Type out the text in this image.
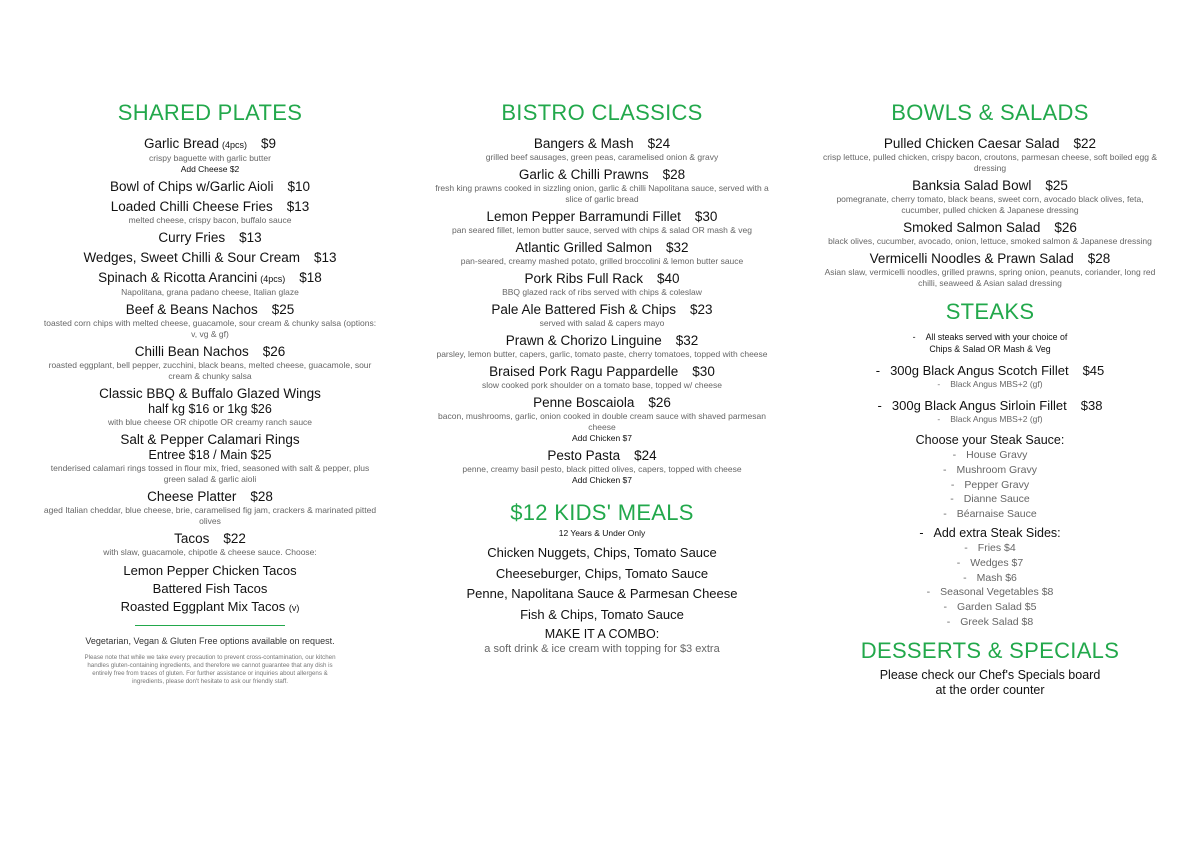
SHARED PLATES
Garlic Bread (4pcs) $9
crispy baguette with garlic butter
Add Cheese $2
Bowl of Chips w/Garlic Aioli $10
Loaded Chilli Cheese Fries $13
melted cheese, crispy bacon, buffalo sauce
Curry Fries $13
Wedges, Sweet Chilli & Sour Cream $13
Spinach & Ricotta Arancini (4pcs) $18
Napolitana, grana padano cheese, Italian glaze
Beef & Beans Nachos $25
toasted corn chips with melted cheese, guacamole, sour cream & chunky salsa (options: v, vg & gf)
Chilli Bean Nachos $26
roasted eggplant, bell pepper, zucchini, black beans, melted cheese, guacamole, sour cream & chunky salsa
Classic BBQ & Buffalo Glazed Wings
half kg $16 or 1kg $26
with blue cheese OR chipotle OR creamy ranch sauce
Salt & Pepper Calamari Rings
Entree $18 / Main $25
tenderised calamari rings tossed in flour mix, fried, seasoned with salt & pepper, plus green salad & garlic aioli
Cheese Platter $28
aged Italian cheddar, blue cheese, brie, caramelised fig jam, crackers & marinated pitted olives
Tacos $22
with slaw, guacamole, chipotle & cheese sauce. Choose:
Lemon Pepper Chicken Tacos
Battered Fish Tacos
Roasted Eggplant Mix Tacos (v)
Vegetarian, Vegan & Gluten Free options available on request.
Please note that while we take every precaution to prevent cross-contamination, our kitchen handles gluten-containing ingredients, and therefore we cannot guarantee that any dish is entirely free from traces of gluten. For further assistance or inquiries about allergens & ingredients, please don't hesitate to ask our friendly staff.
BISTRO CLASSICS
Bangers & Mash $24
grilled beef sausages, green peas, caramelised onion & gravy
Garlic & Chilli Prawns $28
fresh king prawns cooked in sizzling onion, garlic & chilli Napolitana sauce, served with a slice of garlic bread
Lemon Pepper Barramundi Fillet $30
pan seared fillet, lemon butter sauce, served with chips & salad OR mash & veg
Atlantic Grilled Salmon $32
pan-seared, creamy mashed potato, grilled broccolini & lemon butter sauce
Pork Ribs Full Rack $40
BBQ glazed rack of ribs served with chips & coleslaw
Pale Ale Battered Fish & Chips $23
served with salad & capers mayo
Prawn & Chorizo Linguine $32
parsley, lemon butter, capers, garlic, tomato paste, cherry tomatoes, topped with cheese
Braised Pork Ragu Pappardelle $30
slow cooked pork shoulder on a tomato base, topped w/ cheese
Penne Boscaiola $26
bacon, mushrooms, garlic, onion cooked in double cream sauce with shaved parmesan cheese
Add Chicken $7
Pesto Pasta $24
penne, creamy basil pesto, black pitted olives, capers, topped with cheese
Add Chicken $7
$12 KIDS' MEALS
12 Years & Under Only
Chicken Nuggets, Chips, Tomato Sauce
Cheeseburger, Chips, Tomato Sauce
Penne, Napolitana Sauce & Parmesan Cheese
Fish & Chips, Tomato Sauce
MAKE IT A COMBO:
a soft drink & ice cream with topping for $3 extra
BOWLS & SALADS
Pulled Chicken Caesar Salad $22
crisp lettuce, pulled chicken, crispy bacon, croutons, parmesan cheese, soft boiled egg & dressing
Banksia Salad Bowl $25
pomegranate, cherry tomato, black beans, sweet corn, avocado black olives, feta, cucumber, pulled chicken & Japanese dressing
Smoked Salmon Salad $26
black olives, cucumber, avocado, onion, lettuce, smoked salmon & Japanese dressing
Vermicelli Noodles & Prawn Salad $28
Asian slaw, vermicelli noodles, grilled prawns, spring onion, peanuts, coriander, long red chilli, seaweed & Asian salad dressing
STEAKS
- All steaks served with your choice of
Chips & Salad OR Mash & Veg
- 300g Black Angus Scotch Fillet $45
- Black Angus MBS+2 (gf)
- 300g Black Angus Sirloin Fillet $38
- Black Angus MBS+2 (gf)
Choose your Steak Sauce:
- House Gravy
- Mushroom Gravy
- Pepper Gravy
- Dianne Sauce
- Béarnaise Sauce
- Add extra Steak Sides:
- Fries $4
- Wedges $7
- Mash $6
- Seasonal Vegetables $8
- Garden Salad $5
- Greek Salad $8
DESSERTS & SPECIALS
Please check our Chef's Specials board
at the order counter
